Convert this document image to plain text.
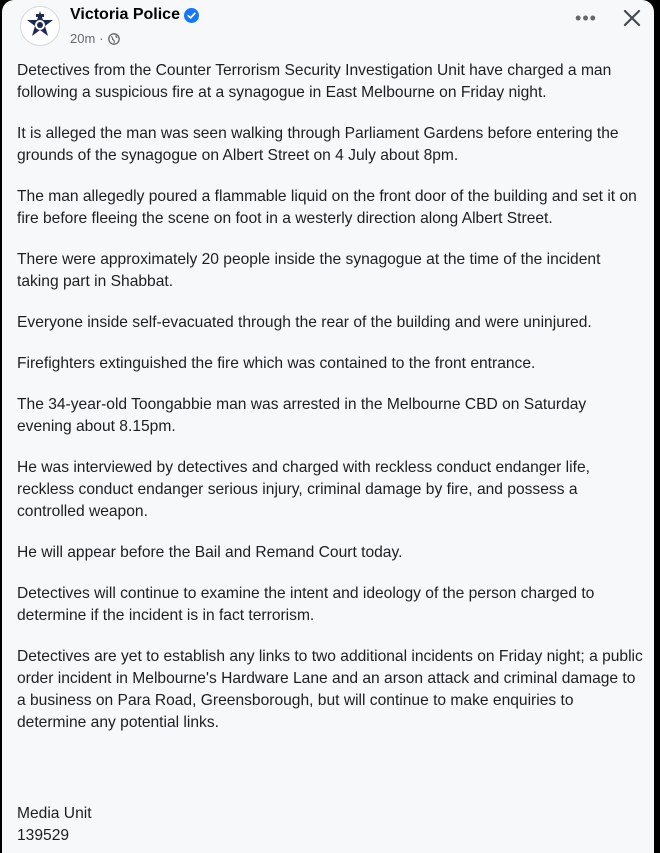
Victoria Police
20m ·
•••

Detectives from the Counter Terrorism Security Investigation Unit have charged a man following a suspicious fire at a synagogue in East Melbourne on Friday night.

It is alleged the man was seen walking through Parliament Gardens before entering the grounds of the synagogue on Albert Street on 4 July about 8pm.

The man allegedly poured a flammable liquid on the front door of the building and set it on fire before fleeing the scene on foot in a westerly direction along Albert Street.

There were approximately 20 people inside the synagogue at the time of the incident taking part in Shabbat.

Everyone inside self-evacuated through the rear of the building and were uninjured.

Firefighters extinguished the fire which was contained to the front entrance.

The 34-year-old Toongabbie man was arrested in the Melbourne CBD on Saturday evening about 8.15pm.

He was interviewed by detectives and charged with reckless conduct endanger life, reckless conduct endanger serious injury, criminal damage by fire, and possess a controlled weapon.

He will appear before the Bail and Remand Court today.

Detectives will continue to examine the intent and ideology of the person charged to determine if the incident is in fact terrorism.

Detectives are yet to establish any links to two additional incidents on Friday night; a public order incident in Melbourne's Hardware Lane and an arson attack and criminal damage to a business on Para Road, Greensborough, but will continue to make enquiries to determine any potential links.

Media Unit
139529
